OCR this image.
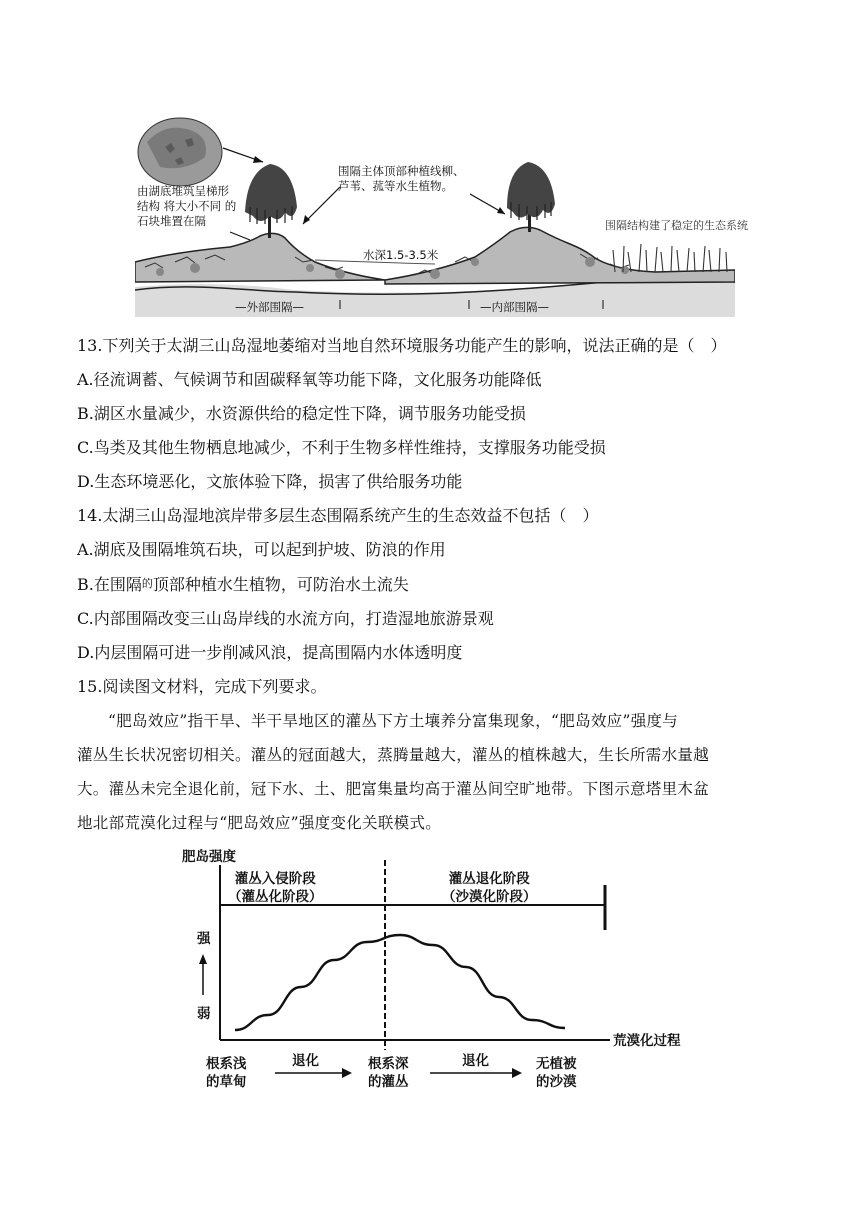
由湖底堆筑呈梯形
结构 将大小不同 的
石块堆置在隔
围隔主体顶部种植线柳、
芦苇、菰等水生植物。
围隔结构建了稳定的生态系统
水深1.5-3.5米
—外部围隔—	—内部围隔—
13.下列关于太湖三山岛湿地萎缩对当地自然环境服务功能产生的影响，说法正确的是（　）
A.径流调蓄、气候调节和固碳释氧等功能下降，文化服务功能降低
B.湖区水量减少，水资源供给的稳定性下降，调节服务功能受损
C.鸟类及其他生物栖息地减少，不利于生物多样性维持，支撑服务功能受损
D.生态环境恶化，文旅体验下降，损害了供给服务功能
14.太湖三山岛湿地滨岸带多层生态围隔系统产生的生态效益不包括（　）
A.湖底及围隔堆筑石块，可以起到护坡、防浪的作用
B.在围隔$^的$顶部种植水生植物，可防治水土流失
C.内部围隔改变三山岛岸线的水流方向，打造湿地旅游景观
D.内层围隔可进一步削减风浪，提高围隔内水体透明度
15.阅读图文材料，完成下列要求。
“肥岛效应”指干旱、半干旱地区的灌丛下方土壤养分富集现象，“肥岛效应”强度与
灌丛生长状况密切相关。灌丛的冠面越大，蒸腾量越大，灌丛的植株越大，生长所需水量越
大。灌丛未完全退化前，冠下水、土、肥富集量均高于灌丛间空旷地带。下图示意塔里木盆
地北部荒漠化过程与“肥岛效应”强度变化关联模式。
肥岛强度
强
弱
灌丛入侵阶段
（灌丛化阶段）
灌丛退化阶段
（沙漠化阶段）
荒漠化过程
根系浅
的草甸
根系深
的灌丛
无植被
的沙漠
退化	退化
